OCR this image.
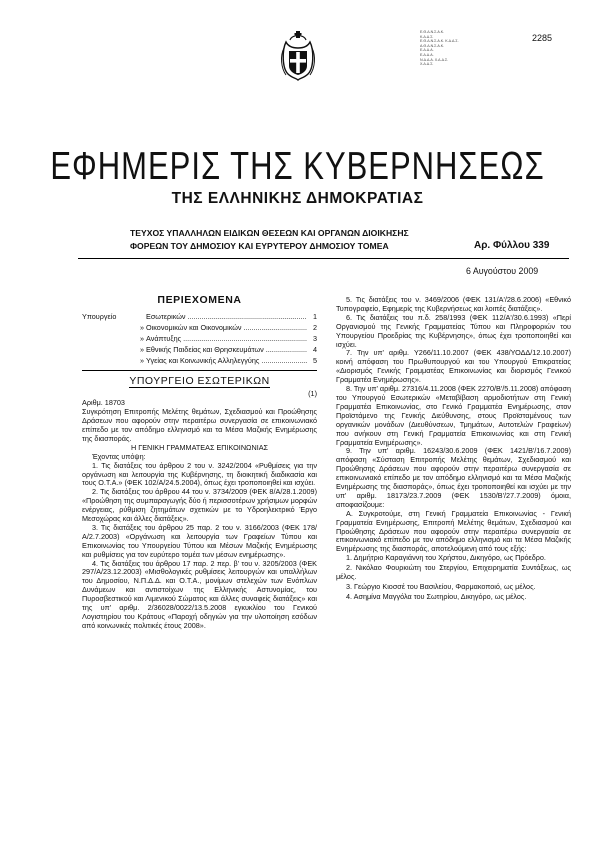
Ε.Θ.Δ.Ν.Σ.Α.Κ.
Κ.Δ.Δ.Σ.
Ε.Θ.Δ.Ν.Σ.Α.Κ. Κ.Δ.Δ.Σ.
Α.Θ.Δ.Ν.Σ.Α.Κ.
Ε.Δ.Δ.Α.
Ε.Δ.Δ.Α.
Ν.Δ.Δ.Α. Χ.Δ.Δ.Σ.
Χ.Δ.Δ.Σ.
2285
ΕΦΗΜΕΡΙΣ ΤΗΣ ΚΥΒΕΡΝΗΣΕΩΣ
ΤΗΣ ΕΛΛΗΝΙΚΗΣ ΔΗΜΟΚΡΑΤΙΑΣ
ΤΕΥΧΟΣ ΥΠΑΛΛΗΛΩΝ ΕΙΔΙΚΩΝ ΘΕΣΕΩΝ ΚΑΙ ΟΡΓΑΝΩΝ ΔΙΟΙΚΗΣΗΣ
ΦΟΡΕΩΝ ΤΟΥ ΔΗΜΟΣΙΟΥ ΚΑΙ ΕΥΡΥΤΕΡΟΥ ΔΗΜΟΣΙΟΥ ΤΟΜΕΑ	Αρ. Φύλλου 339
6 Αυγούστου 2009
ΠΕΡΙΕΧΟΜΕΝΑ
Υπουργείο	Εσωτερικών .....	1
» Οικονομικών και Οικονομικών .....	2
» Ανάπτυξης .....	3
» Εθνικής Παιδείας και Θρησκευμάτων .....	4
» Υγείας και Κοινωνικής Αλληλεγγύης .....	5
ΥΠΟΥΡΓΕΙΟ ΕΣΩΤΕΡΙΚΩΝ
(1)

Αριθμ. 18703

Συγκρότηση Επιτροπής Μελέτης θεμάτων, Σχεδιασμού και Προώθησης Δράσεων που αφορούν στην περαιτέρω συνεργασία σε επικοινωνιακό επίπεδο με τον απόδημο ελληνισμό και τα Μέσα Μαζικής Ενημέρωσης της διασποράς.

Η ΓΕΝΙΚΗ ΓΡΑΜΜΑΤΕΑΣ ΕΠΙΚΟΙΝΩΝΙΑΣ

Έχοντας υπόψη:

1. Τις διατάξεις του άρθρου 2 του ν. 3242/2004 «Ρυθμίσεις για την οργάνωση και λειτουργία της Κυβέρνησης, τη διοικητική διαδικασία και τους Ο.Τ.Α.» (ΦΕΚ 102/Α/24.5.2004), όπως έχει τροποποιηθεί και ισχύει.

2. Τις διατάξεις του άρθρου 44 του ν. 3734/2009 (ΦΕΚ 8/Α/28.1.2009) «Προώθηση της συμπαραγωγής δύο ή περισσοτέρων χρήσιμων μορφών ενέργειας, ρύθμιση ζητημάτων σχετικών με το Υδροηλεκτρικό Έργο Μεσοχώρας και άλλες διατάξεις».

3. Τις διατάξεις του άρθρου 25 παρ. 2 του ν. 3166/2003 (ΦΕΚ 178/Α/2.7.2003) «Οργάνωση και λειτουργία των Γραφείων Τύπου και Επικοινωνίας του Υπουργείου Τύπου και Μέσων Μαζικής Ενημέρωσης και ρυθμίσεις για τον ευρύτερο τομέα των μέσων ενημέρωσης».

4. Τις διατάξεις του άρθρου 17 παρ. 2 περ. β' του ν. 3205/2003 (ΦΕΚ 297/Α/23.12.2003) «Μισθολογικές ρυθμίσεις λειτουργών και υπαλλήλων του Δημοσίου, Ν.Π.Δ.Δ. και Ο.Τ.Α., μονίμων στελεχών των Ενόπλων Δυνάμεων και αντιστοίχων της Ελληνικής Αστυνομίας, του Πυροσβεστικού και Λιμενικού Σώματος και άλλες συναφείς διατάξεις» και της υπ' αριθμ. 2/36028/0022/13.5.2008 εγκυκλίου του Γενικού Λογιστηρίου του Κράτους «Παροχή οδηγιών για την υλοποίηση εσόδων από κοινωνικές πολιτικές έτους 2008».

5. Τις διατάξεις του ν. 3469/2006 (ΦΕΚ 131/Α'/28.6.2006) «Εθνικό Τυπογραφείο, Εφημερίς της Κυβερνήσεως και λοιπές διατάξεις».

6. Τις διατάξεις του π.δ. 258/1993 (ΦΕΚ 112/Α'/30.6.1993) «Περί Οργανισμού της Γενικής Γραμματείας Τύπου και Πληροφοριών του Υπουργείου Προεδρίας της Κυβέρνησης», όπως έχει τροποποιηθεί και ισχύει.

7. Την υπ' αριθμ. Υ266/11.10.2007 (ΦΕΚ 438/ΥΟΔΔ/12.10.2007) κοινή απόφαση του Πρωθυπουργού και του Υπουργού Επικρατείας «Διορισμός Γενικής Γραμματέας Επικοινωνίας και διορισμός Γενικού Γραμματέα Ενημέρωσης».

8. Την υπ' αριθμ. 27316/4.11.2008 (ΦΕΚ 2270/Β'/5.11.2008) απόφαση του Υπουργού Εσωτερικών «Μεταβίβαση αρμοδιοτήτων στη Γενική Γραμματέα Επικοινωνίας, στο Γενικό Γραμματέα Ενημέρωσης, στον Προϊστάμενο της Γενικής Διεύθυνσης, στους Προϊσταμένους των οργανικών μονάδων (Διευθύνσεων, Τμημάτων, Αυτοτελών Γραφείων) που ανήκουν στη Γενική Γραμματεία Επικοινωνίας και στη Γενική Γραμματεία Ενημέρωσης».

9. Την υπ' αριθμ. 16243/30.6.2009 (ΦΕΚ 1421/Β'/16.7.2009) απόφαση «Σύσταση Επιτροπής Μελέτης θεμάτων, Σχεδιασμού και Προώθησης Δράσεων που αφορούν στην περαιτέρω συνεργασία σε επικοινωνιακό επίπεδο με τον απόδημο ελληνισμό και τα Μέσα Μαζικής Ενημέρωσης της διασποράς», όπως έχει τροποποιηθεί και ισχύει με την υπ' αριθμ. 18173/23.7.2009 (ΦΕΚ 1530/Β'/27.7.2009) όμοια, αποφασίζουμε:

Α. Συγκροτούμε, στη Γενική Γραμματεία Επικοινωνίας - Γενική Γραμματεία Ενημέρωσης, Επιτροπή Μελέτης θεμάτων, Σχεδιασμού και Προώθησης Δράσεων που αφορούν στην περαιτέρω συνεργασία σε επικοινωνιακό επίπεδο με τον απόδημο ελληνισμό και τα Μέσα Μαζικής Ενημέρωσης της διασποράς, αποτελούμενη από τους εξής:

1. Δημήτριο Καραγιάννη του Χρήστου, Δικηγόρο, ως Πρόεδρο.

2. Νικόλαο Φουρκιώτη του Στεργίου, Επιχειρηματία Συντάξεως, ως μέλος.

3. Γεώργιο Κιοσσέ του Βασιλείου, Φαρμακοποιό, ως μέλος.

4. Ασημίνα Μαγγόλα του Σωτηρίου, Δικηγόρο, ως μέλος.
